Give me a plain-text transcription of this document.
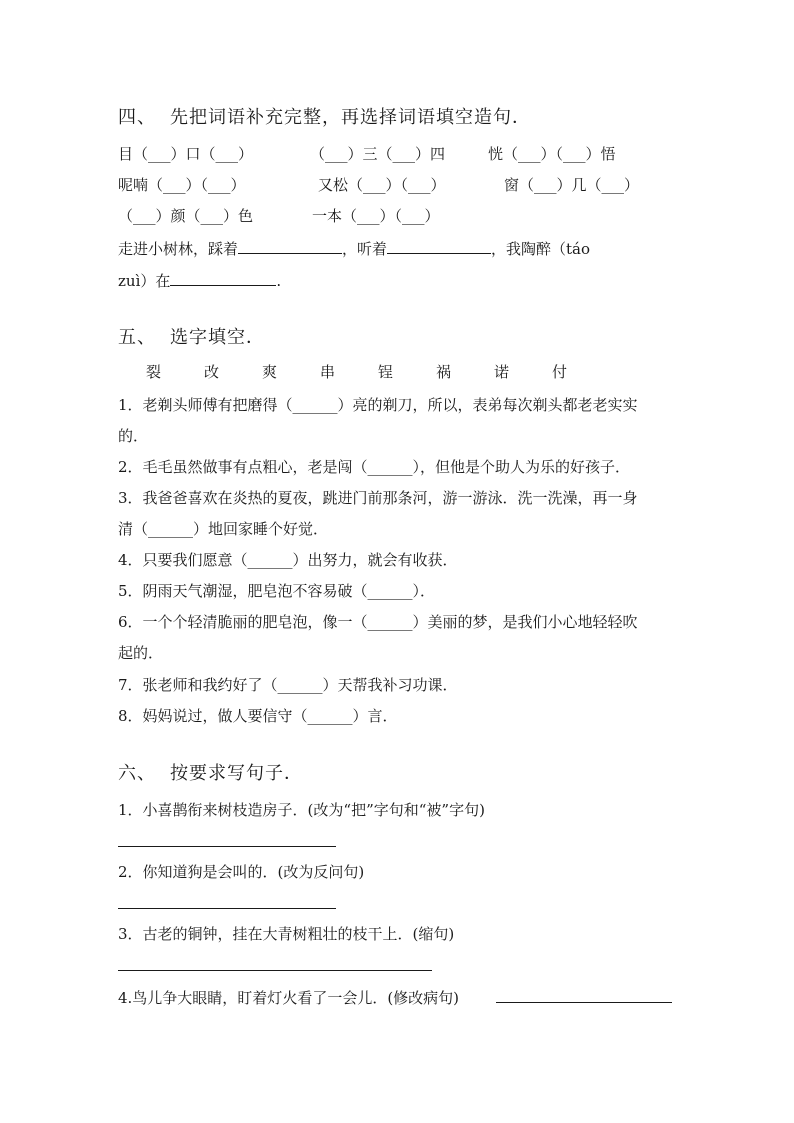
四、 先把词语补充完整，再选择词语填空造句．
目（___）口（___）	（___）三（___）四	恍（___）（___）悟
呢喃（___）（___）	又松（___）（___）	窗（___）几（___）
（___）颜（___）色	一本（___）（___）
走进小树林，踩着	，听着	，我陶醉（táo
zuì）在	.
五、 选字填空．
裂	改	爽	串	锃	祸	诺	付
1．老剃头师傅有把磨得（______）亮的剃刀，所以，表弟每次剃头都老老实实
的．
2．毛毛虽然做事有点粗心，老是闯（______），但他是个助人为乐的好孩子．
3．我爸爸喜欢在炎热的夏夜，跳进门前那条河，游一游泳．洗一洗澡，再一身
清（______）地回家睡个好觉．
4．只要我们愿意（______）出努力，就会有收获．
5．阴雨天气潮湿，肥皂泡不容易破（______）．
6．一个个轻清脆丽的肥皂泡，像一（______）美丽的梦，是我们小心地轻轻吹
起的．
7．张老师和我约好了（______）天帮我补习功课．
8．妈妈说过，做人要信守（______）言．
六、 按要求写句子．
1．小喜鹊衔来树枝造房子．(改为“把”字句和“被”字句)
2．你知道狗是会叫的．(改为反问句)
3．古老的铜钟，挂在大青树粗壮的枝干上．(缩句)
4.鸟儿争大眼睛，盯着灯火看了一会儿．(修改病句)
